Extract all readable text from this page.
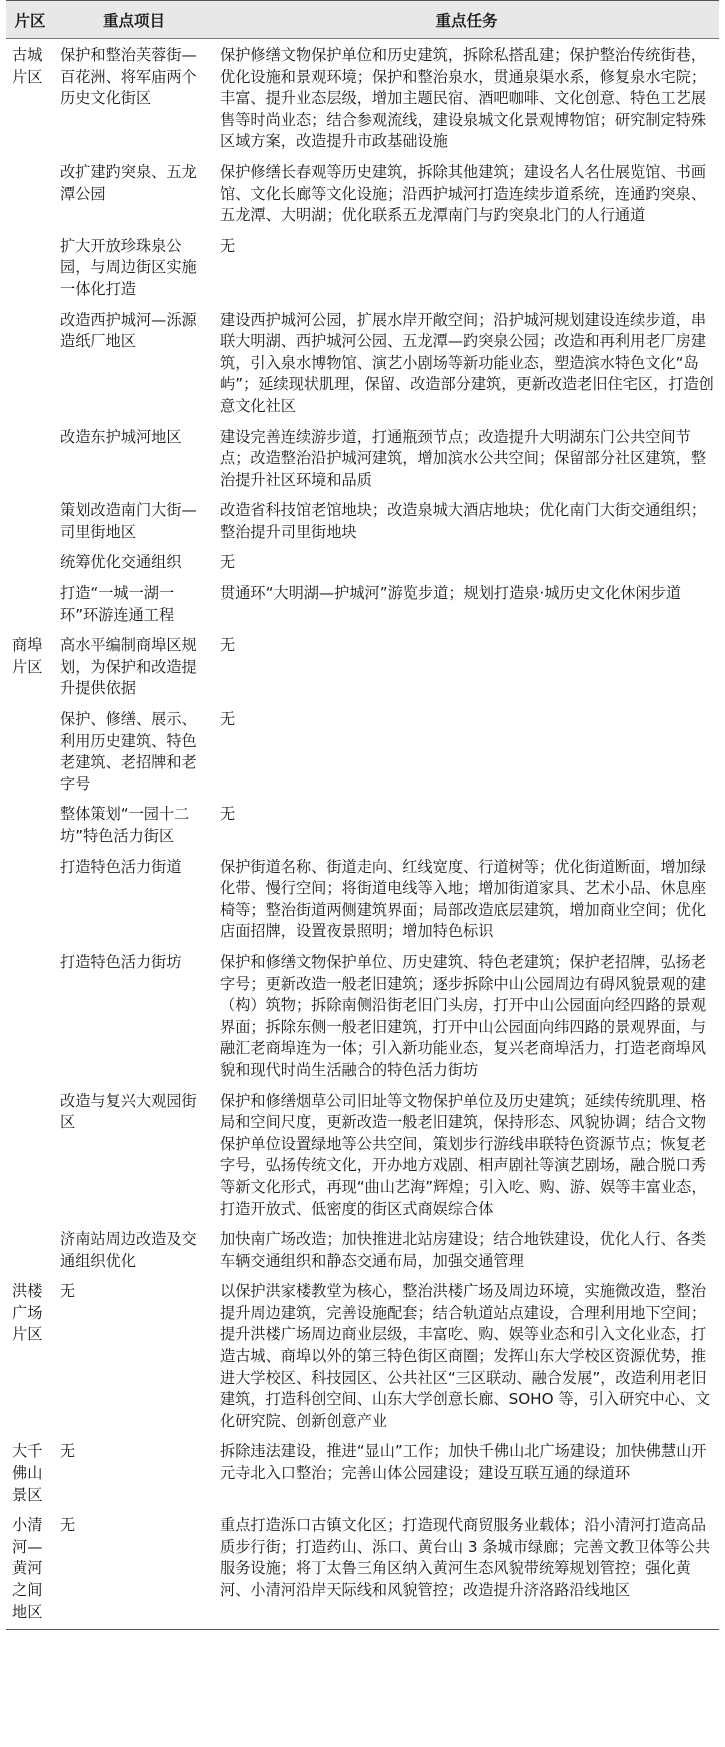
片区	重点项目	重点任务
古城片区	保护和整治芙蓉街—百花洲、将军庙两个历史文化街区	保护修缮文物保护单位和历史建筑，拆除私搭乱建；保护整治传统街巷，优化设施和景观环境；保护和整治泉水，贯通泉渠水系，修复泉水宅院；丰富、提升业态层级，增加主题民宿、酒吧咖啡、文化创意、特色工艺展售等时尚业态；结合参观流线，建设泉城文化景观博物馆；研究制定特殊区域方案，改造提升市政基础设施
	改扩建趵突泉、五龙潭公园	保护修缮长春观等历史建筑，拆除其他建筑；建设名人名仕展览馆、书画馆、文化长廊等文化设施；沿西护城河打造连续步道系统，连通趵突泉、五龙潭、大明湖；优化联系五龙潭南门与趵突泉北门的人行通道
	扩大开放珍珠泉公园，与周边街区实施一体化打造	无
	改造西护城河—泺源造纸厂地区	建设西护城河公园，扩展水岸开敞空间；沿护城河规划建设连续步道，串联大明湖、西护城河公园、五龙潭—趵突泉公园；改造和再利用老厂房建筑，引入泉水博物馆、演艺小剧场等新功能业态，塑造滨水特色文化“岛屿”；延续现状肌理，保留、改造部分建筑，更新改造老旧住宅区，打造创意文化社区
	改造东护城河地区	建设完善连续游步道，打通瓶颈节点；改造提升大明湖东门公共空间节点；改造整治沿护城河建筑，增加滨水公共空间；保留部分社区建筑，整治提升社区环境和品质
	策划改造南门大街—司里街地区	改造省科技馆老馆地块；改造泉城大酒店地块；优化南门大街交通组织；整治提升司里街地块
	统筹优化交通组织	无
	打造“一城一湖一环”环游连通工程	贯通环“大明湖—护城河”游览步道；规划打造泉·城历史文化休闲步道
商埠片区	高水平编制商埠区规划，为保护和改造提升提供依据	无
	保护、修缮、展示、利用历史建筑、特色老建筑、老招牌和老字号	无
	整体策划“一园十二坊”特色活力街区	无
	打造特色活力街道	保护街道名称、街道走向、红线宽度、行道树等；优化街道断面，增加绿化带、慢行空间；将街道电线等入地；增加街道家具、艺术小品、休息座椅等；整治街道两侧建筑界面；局部改造底层建筑，增加商业空间；优化店面招牌，设置夜景照明；增加特色标识
	打造特色活力街坊	保护和修缮文物保护单位、历史建筑、特色老建筑；保护老招牌，弘扬老字号；更新改造一般老旧建筑；逐步拆除中山公园周边有碍风貌景观的建（构）筑物；拆除南侧沿街老旧门头房，打开中山公园面向经四路的景观界面；拆除东侧一般老旧建筑，打开中山公园面向纬四路的景观界面，与融汇老商埠连为一体；引入新功能业态，复兴老商埠活力，打造老商埠风貌和现代时尚生活融合的特色活力街坊
	改造与复兴大观园街区	保护和修缮烟草公司旧址等文物保护单位及历史建筑；延续传统肌理、格局和空间尺度，更新改造一般老旧建筑，保持形态、风貌协调；结合文物保护单位设置绿地等公共空间，策划步行游线串联特色资源节点；恢复老字号，弘扬传统文化，开办地方戏剧、相声剧社等演艺剧场，融合脱口秀等新文化形式，再现“曲山艺海”辉煌；引入吃、购、游、娱等丰富业态，打造开放式、低密度的街区式商娱综合体
	济南站周边改造及交通组织优化	加快南广场改造；加快推进北站房建设；结合地铁建设，优化人行、各类车辆交通组织和静态交通布局，加强交通管理
洪楼广场片区	无	以保护洪家楼教堂为核心，整治洪楼广场及周边环境，实施微改造，整治提升周边建筑，完善设施配套；结合轨道站点建设，合理利用地下空间；提升洪楼广场周边商业层级，丰富吃、购、娱等业态和引入文化业态，打造古城、商埠以外的第三特色街区商圈；发挥山东大学校区资源优势，推进大学校区、科技园区、公共社区“三区联动、融合发展”，改造利用老旧建筑，打造科创空间、山东大学创意长廊、SOHO 等，引入研究中心、文化研究院、创新创意产业
大千佛山景区	无	拆除违法建设，推进“显山”工作；加快千佛山北广场建设；加快佛慧山开元寺北入口整治；完善山体公园建设；建设互联互通的绿道环
小清河—黄河之间地区	无	重点打造泺口古镇文化区；打造现代商贸服务业载体；沿小清河打造高品质步行街；打造药山、泺口、黄台山 3 条城市绿廊；完善文教卫体等公共服务设施；将丁太鲁三角区纳入黄河生态风貌带统筹规划管控；强化黄河、小清河沿岸天际线和风貌管控；改造提升济洛路沿线地区
